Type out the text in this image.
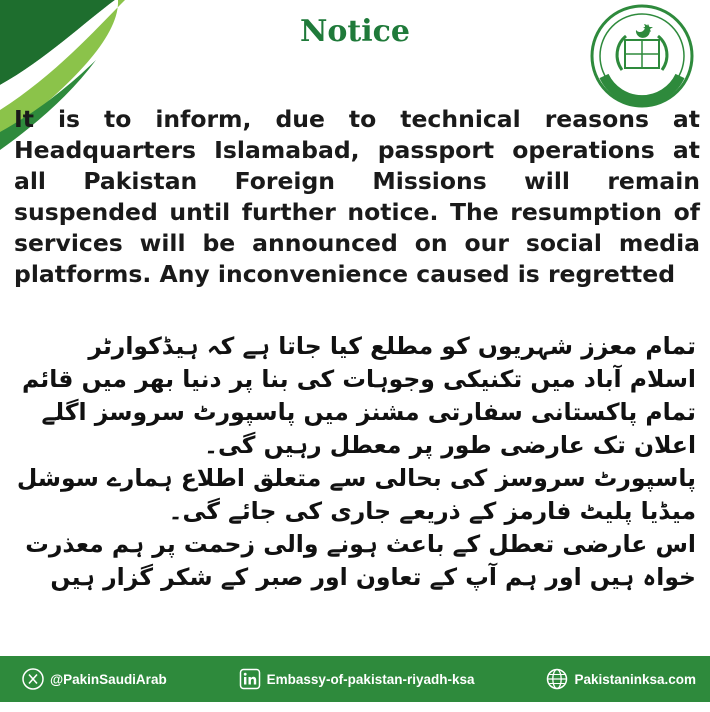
Notice
It is to inform, due to technical reasons at Headquarters Islamabad, passport operations at all Pakistan Foreign Missions will remain suspended until further notice. The resumption of services will be announced on our social media platforms. Any inconvenience caused is regretted

تمام معزز شہریوں کو مطلع کیا جاتا ہے کہ ہیڈکوارٹر اسلام آباد میں تکنیکی وجوہات کی بنا پر دنیا بھر میں قائم تمام پاکستانی سفارتی مشنز میں پاسپورٹ سروسز اگلے اعلان تک عارضی طور پر معطل رہیں گی۔

پاسپورٹ سروسز کی بحالی سے متعلق اطلاع ہمارے سوشل میڈیا پلیٹ فارمز کے ذریعے جاری کی جائے گی۔

اس عارضی تعطل کے باعث ہونے والی زحمت پر ہم معذرت خواہ ہیں اور ہم آپ کے تعاون اور صبر کے شکر گزار ہیں

@PakinSaudiArab	Embassy-of-pakistan-riyadh-ksa	Pakistaninksa.com
